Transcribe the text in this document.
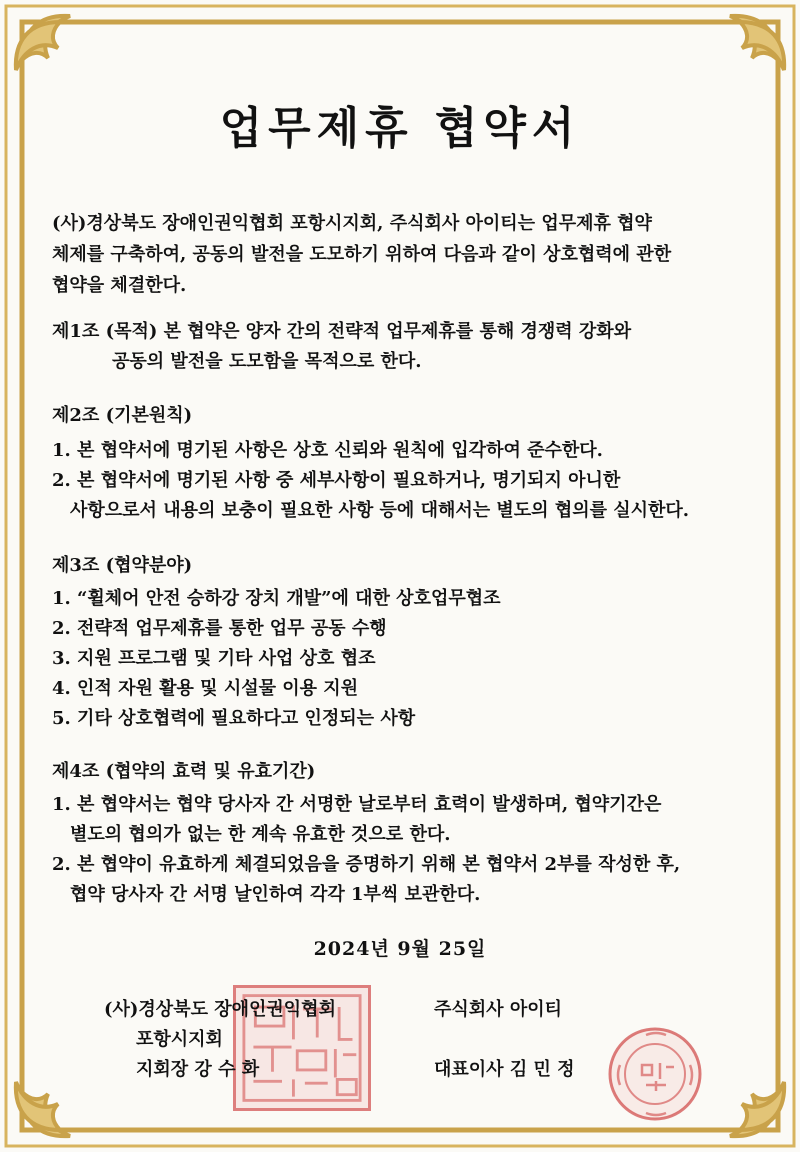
업무제휴 협약서
(사)경상북도 장애인권익협회 포항시지회, 주식회사 아이티는 업무제휴 협약
체제를 구축하여, 공동의 발전을 도모하기 위하여 다음과 같이 상호협력에 관한
협약을 체결한다.
제1조 (목적) 본 협약은 양자 간의 전략적 업무제휴를 통해 경쟁력 강화와
공동의 발전을 도모함을 목적으로 한다.
제2조 (기본원칙)
1. 본 협약서에 명기된 사항은 상호 신뢰와 원칙에 입각하여 준수한다.
2. 본 협약서에 명기된 사항 중 세부사항이 필요하거나, 명기되지 아니한
사항으로서 내용의 보충이 필요한 사항 등에 대해서는 별도의 협의를 실시한다.
제3조 (협약분야)
1. “휠체어 안전 승하강 장치 개발”에 대한 상호업무협조
2. 전략적 업무제휴를 통한 업무 공동 수행
3. 지원 프로그램 및 기타 사업 상호 협조
4. 인적 자원 활용 및 시설물 이용 지원
5. 기타 상호협력에 필요하다고 인정되는 사항
제4조 (협약의 효력 및 유효기간)
1. 본 협약서는 협약 당사자 간 서명한 날로부터 효력이 발생하며, 협약기간은
별도의 협의가 없는 한 계속 유효한 것으로 한다.
2. 본 협약이 유효하게 체결되었음을 증명하기 위해 본 협약서 2부를 작성한 후,
협약 당사자 간 서명 날인하여 각각 1부씩 보관한다.
2024년 9월 25일
(사)경상북도 장애인권익협회
포항시지회
지회장 강 수 화
주식회사 아이티
대표이사 김 민 정
